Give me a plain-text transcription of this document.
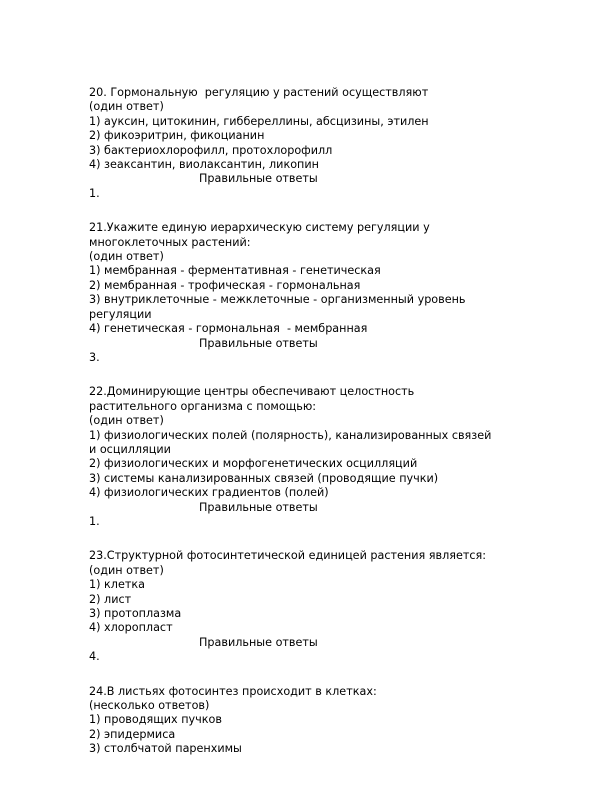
20. Гормональную  регуляцию у растений осуществляют
(один ответ)
1) ауксин, цитокинин, гиббереллины, абсцизины, этилен
2) фикоэритрин, фикоцианин
3) бактериохлорофилл, протохлорофилл
4) зеаксантин, виолаксантин, ликопин
Правильные ответы
1.
21.Укажите единую иерархическую систему регуляции у
многоклеточных растений:
(один ответ)
1) мембранная - ферментативная - генетическая
2) мембранная - трофическая - гормональная
3) внутриклеточные - межклеточные - организменный уровень
регуляции
4) генетическая - гормональная  - мембранная
Правильные ответы
3.
22.Доминирующие центры обеспечивают целостность
растительного организма с помощью:
(один ответ)
1) физиологических полей (полярность), канализированных связей
и осцилляции
2) физиологических и морфогенетических осцилляций
3) системы канализированных связей (проводящие пучки)
4) физиологических градиентов (полей)
Правильные ответы
1.
23.Структурной фотосинтетической единицей растения является:
(один ответ)
1) клетка
2) лист
3) протоплазма
4) хлоропласт
Правильные ответы
4.
24.В листьях фотосинтез происходит в клетках:
(несколько ответов)
1) проводящих пучков
2) эпидермиса
3) столбчатой паренхимы
